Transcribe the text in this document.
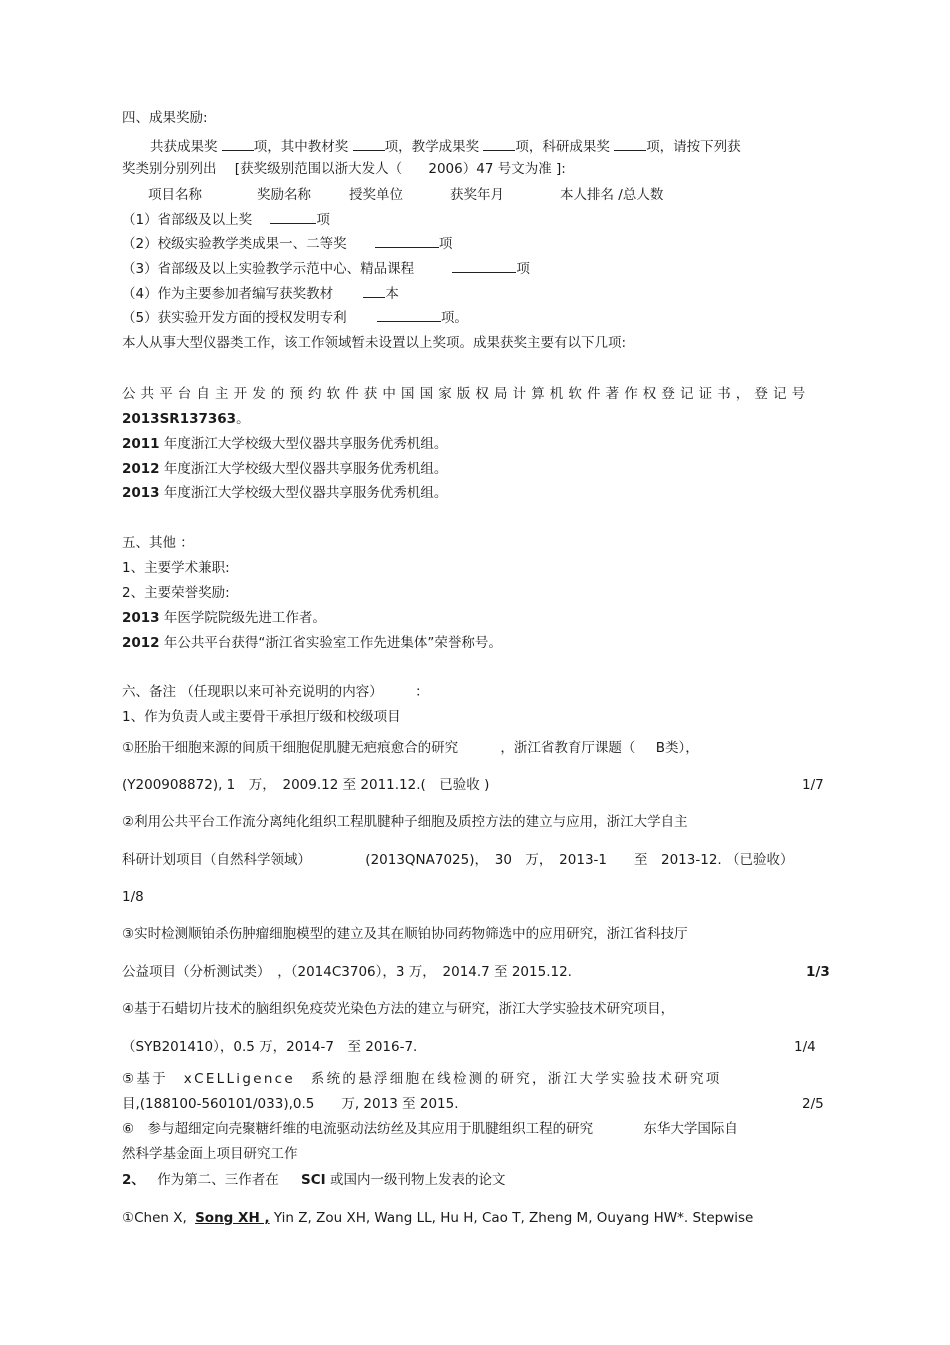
四、成果奖励:
共获成果奖	项，其中教材奖	项，教学成果奖	项，科研成果奖	项，请按下列获
奖类别分别列出 [获奖级别范围以浙大发人（ 2006）47 号文为准 ]:
项目名称	奖励名称	授奖单位	获奖年月	本人排名 /总人数
（1）省部级及以上奖	项
（2）校级实验教学类成果一、二等奖	项
（3）省部级及以上实验教学示范中心、精品课程	项
（4）作为主要参加者编写获奖教材	本
（5）获实验开发方面的授权发明专利	项。
本人从事大型仪器类工作，该工作领域暂未设置以上奖项。成果获奖主要有以下几项:
公共平台自主开发的预约软件获中国国家版权局计算机软件著作权登记证书，登记号
2013SR137363。
2011 年度浙江大学校级大型仪器共享服务优秀机组。
2012 年度浙江大学校级大型仪器共享服务优秀机组。
2013 年度浙江大学校级大型仪器共享服务优秀机组。
五、其他 ：
1、主要学术兼职:
2、主要荣誉奖励:
2013 年医学院院级先进工作者。
2012 年公共平台获得“浙江省实验室工作先进集体”荣誉称号。
六、备注 （任现职以来可补充说明的内容） ：
1、作为负责人或主要骨干承担厅级和校级项目
①胚胎干细胞来源的间质干细胞促肌腱无疤痕愈合的研究	，浙江省教育厅课题（ B类），
(Y200908872), 1　万，　2009.12 至 2011.12.(　已验收 )	1/7
②利用公共平台工作流分离纯化组织工程肌腱种子细胞及质控方法的建立与应用，浙江大学自主
科研计划项目（自然科学领域）	(2013QNA7025)，　30　万，　2013-1　　至　2013-12. （已验收）
1/8
③实时检测顺铂杀伤肿瘤细胞模型的建立及其在顺铂协同药物筛选中的应用研究，浙江省科技厅
公益项目（分析测试类）　，（2014C3706），3 万，　2014.7 至 2015.12.	1/3
④基于石蜡切片技术的脑组织免疫荧光染色方法的建立与研究，浙江大学实验技术研究项目，
（SYB201410），0.5 万，2014-7　至 2016-7.	1/4
⑤基于　xCELLigence　系统的悬浮细胞在线检测的研究，浙江大学实验技术研究项
目,(188100-560101/033),0.5　　万, 2013 至 2015.	2/5
⑥　参与超细定向壳聚糖纤维的电流驱动法纺丝及其应用于肌腱组织工程的研究	东华大学国际自
然科学基金面上项目研究工作
2、 作为第二、三作者在 SCI 或国内一级刊物上发表的论文
①Chen X, Song XH , Yin Z, Zou XH, Wang LL, Hu H, Cao T, Zheng M, Ouyang HW*. Stepwise
